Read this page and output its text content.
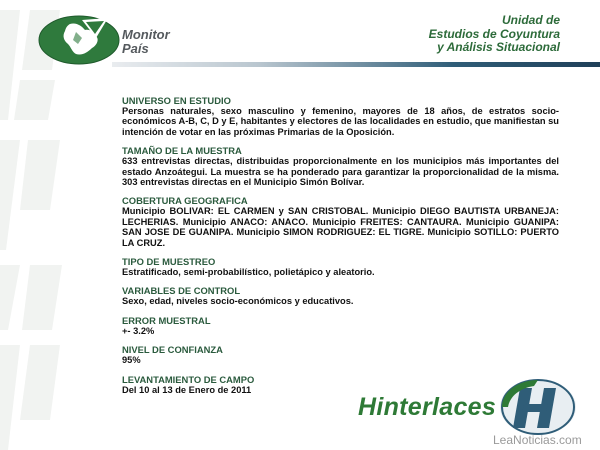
Monitor
País
Unidad de
Estudios de Coyuntura
y Análisis Situacional

UNIVERSO EN ESTUDIO

Personas naturales, sexo masculino y femenino, mayores de 18 años, de estratos socio-económicos A-B, C, D y E, habitantes y electores de las localidades en estudio, que manifiestan su intención de votar en las próximas Primarias de la Oposición.

TAMAÑO DE LA MUESTRA

633 entrevistas directas, distribuidas proporcionalmente en los municipios más importantes del estado Anzoátegui. La muestra se ha ponderado para garantizar la proporcionalidad de la misma. 303 entrevistas directas en el Municipio Simón Bolívar.

COBERTURA GEOGRAFICA

Municipio BOLIVAR: EL CARMEN y SAN CRISTOBAL. Municipio DIEGO BAUTISTA URBANEJA: LECHERIAS. Municipio ANACO: ANACO. Municipio FREITES: CANTAURA. Municipio GUANIPA: SAN JOSE DE GUANIPA. Municipio SIMON RODRIGUEZ: EL TIGRE. Municipio SOTILLO: PUERTO LA CRUZ.

TIPO DE MUESTREO

Estratificado, semi-probabilístico, polietápico y aleatorio.

VARIABLES DE CONTROL

Sexo, edad, niveles socio-económicos y educativos.

ERROR MUESTRAL

+- 3.2%

NIVEL DE CONFIANZA

95%

LEVANTAMIENTO DE CAMPO

Del 10 al 13 de Enero de 2011

Hinterlaces
LeaNoticias.com
